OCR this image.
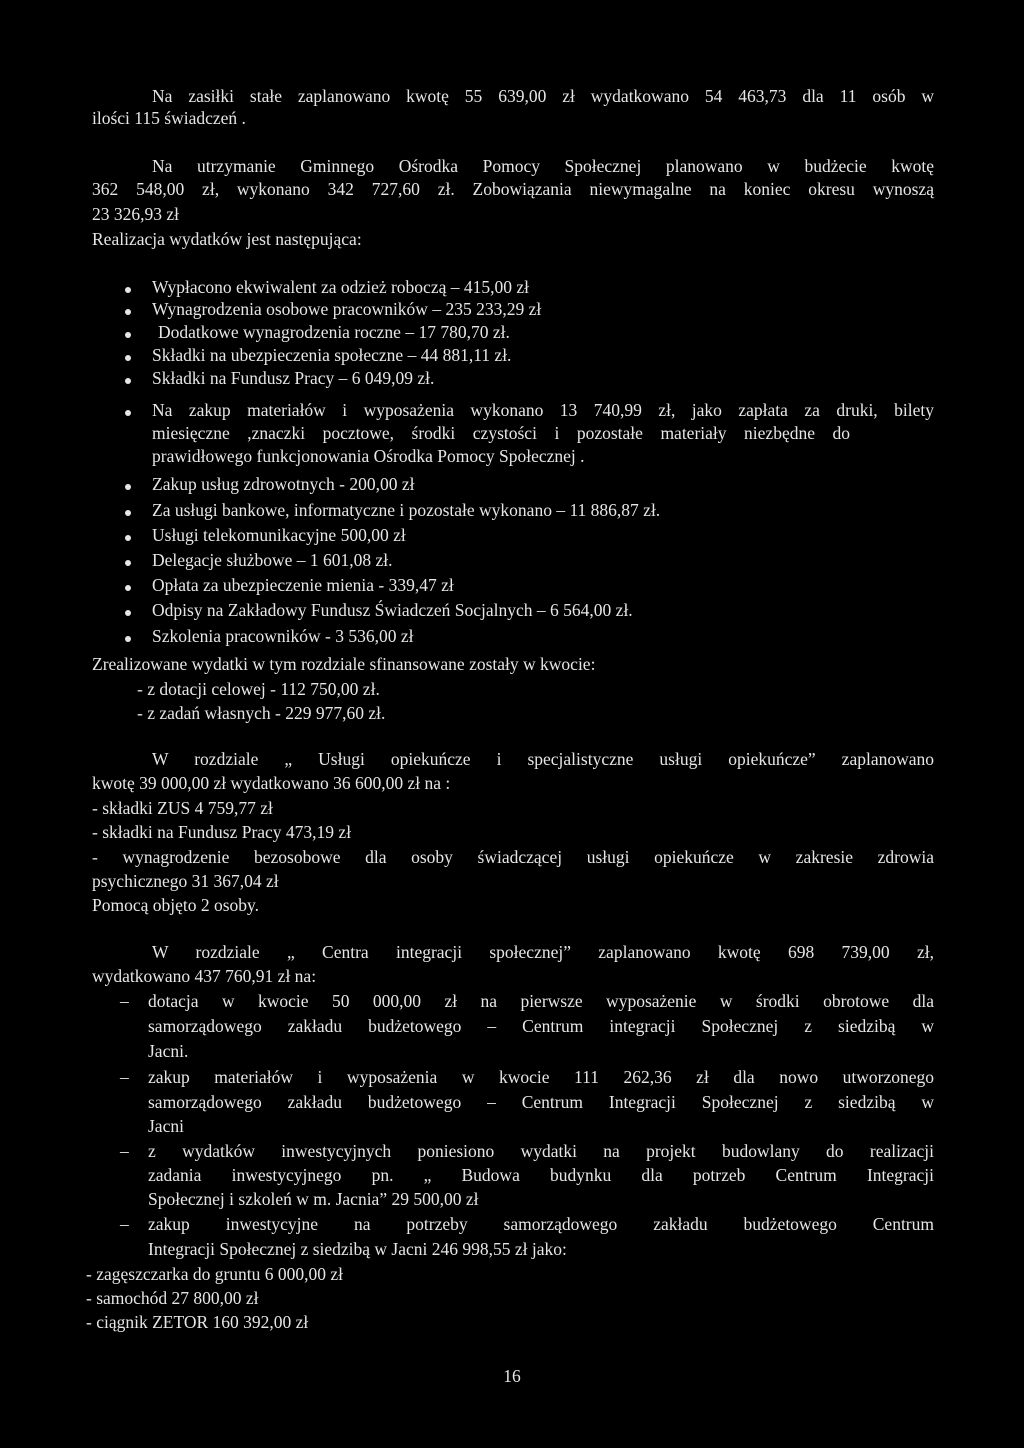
Na zasiłki stałe zaplanowano kwotę 55 639,00 zł wydatkowano 54 463,73 dla 11 osób w
ilości 115 świadczeń .
Na utrzymanie Gminnego Ośrodka Pomocy Społecznej planowano w budżecie kwotę
362 548,00 zł, wykonano 342 727,60 zł. Zobowiązania niewymagalne na koniec okresu wynoszą
23 326,93 zł
Realizacja wydatków jest następująca:
Wypłacono ekwiwalent za odzież roboczą – 415,00 zł
Wynagrodzenia osobowe pracowników – 235 233,29 zł
Dodatkowe wynagrodzenia roczne – 17 780,70 zł.
Składki na ubezpieczenia społeczne – 44 881,11 zł.
Składki na Fundusz Pracy – 6 049,09 zł.
Na zakup materiałów i wyposażenia wykonano 13 740,99 zł, jako zapłata za druki, bilety
miesięczne ,znaczki pocztowe, środki czystości i pozostałe materiały niezbędne do
prawidłowego funkcjonowania Ośrodka Pomocy Społecznej .
Zakup usług zdrowotnych - 200,00 zł
Za usługi bankowe, informatyczne i pozostałe wykonano – 11 886,87 zł.
Usługi telekomunikacyjne 500,00 zł
Delegacje służbowe – 1 601,08 zł.
Opłata za ubezpieczenie mienia - 339,47 zł
Odpisy na Zakładowy Fundusz Świadczeń Socjalnych – 6 564,00 zł.
Szkolenia pracowników - 3 536,00 zł
Zrealizowane wydatki w tym rozdziale sfinansowane zostały w kwocie:
- z dotacji celowej - 112 750,00 zł.
- z zadań własnych - 229 977,60 zł.
W rozdziale „ Usługi opiekuńcze i specjalistyczne usługi opiekuńcze” zaplanowano
kwotę 39 000,00 zł wydatkowano 36 600,00 zł na :
- składki ZUS 4 759,77 zł
- składki na Fundusz Pracy 473,19 zł
- wynagrodzenie bezosobowe dla osoby świadczącej usługi opiekuńcze w zakresie zdrowia
psychicznego 31 367,04 zł
Pomocą objęto 2 osoby.
W rozdziale „ Centra integracji społecznej” zaplanowano kwotę 698 739,00 zł,
wydatkowano 437 760,91 zł na:
– dotacja w kwocie 50 000,00 zł na pierwsze wyposażenie w środki obrotowe dla
samorządowego zakładu budżetowego – Centrum integracji Społecznej z siedzibą w
Jacni.
– zakup materiałów i wyposażenia w kwocie 111 262,36 zł dla nowo utworzonego
samorządowego zakładu budżetowego – Centrum Integracji Społecznej z siedzibą w
Jacni
– z wydatków inwestycyjnych poniesiono wydatki na projekt budowlany do realizacji
zadania inwestycyjnego pn. „ Budowa budynku dla potrzeb Centrum Integracji
Społecznej i szkoleń w m. Jacnia” 29 500,00 zł
– zakup inwestycyjne na potrzeby samorządowego zakładu budżetowego Centrum
Integracji Społecznej z siedzibą w Jacni 246 998,55 zł jako:
- zagęszczarka do gruntu 6 000,00 zł
- samochód 27 800,00 zł
- ciągnik ZETOR 160 392,00 zł
16
